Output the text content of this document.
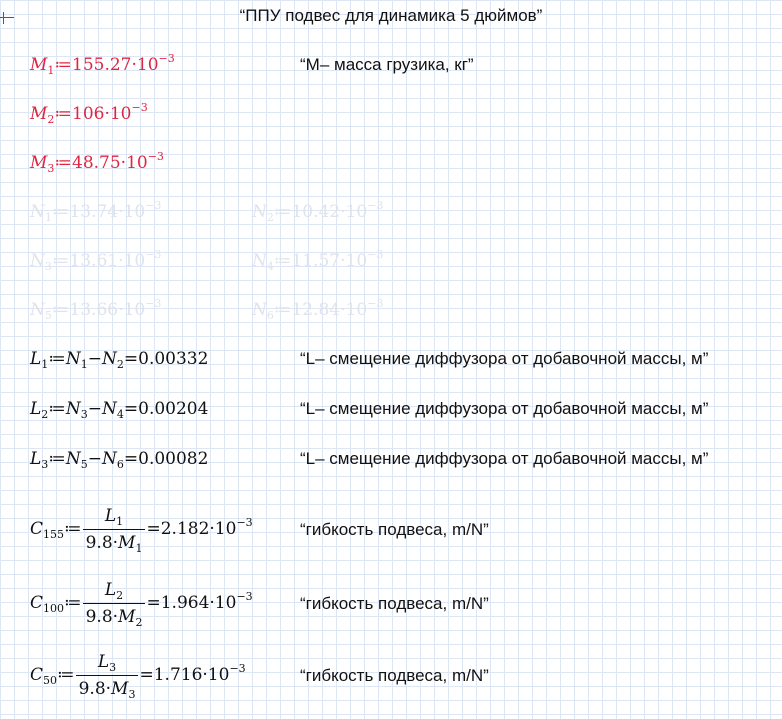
“ППУ подвес для динамика 5 дюймов”
$M_1≔155.27\cdot 10^{-3}$	“M– масса грузика, кг”
$M_2≔106\cdot 10^{-3}$
$M_3≔48.75\cdot 10^{-3}$
$N_1≔13.74\cdot 10^{-3}$	$N_2≔10.42\cdot 10^{-3}$
$N_3≔13.61\cdot 10^{-3}$	$N_4≔11.57\cdot 10^{-3}$
$N_5≔13.66\cdot 10^{-3}$	$N_6≔12.84\cdot 10^{-3}$
$L_1≔N_1-N_2=0.00332$	“L– смещение диффузора от добавочной массы, м”
$L_2≔N_3-N_4=0.00204$	“L– смещение диффузора от добавочной массы, м”
$L_3≔N_5-N_6=0.00082$	“L– смещение диффузора от добавочной массы, м”
$C_{155}≔ \frac{L_1}{9.8\cdot M_1} =2.182\cdot 10^{-3}$	“гибкость подвеса, m/N”
$C_{100}≔ \frac{L_2}{9.8\cdot M_2} =1.964\cdot 10^{-3}$	“гибкость подвеса, m/N”
$C_{50}≔ \frac{L_3}{9.8\cdot M_3} =1.716\cdot 10^{-3}$	“гибкость подвеса, m/N”
